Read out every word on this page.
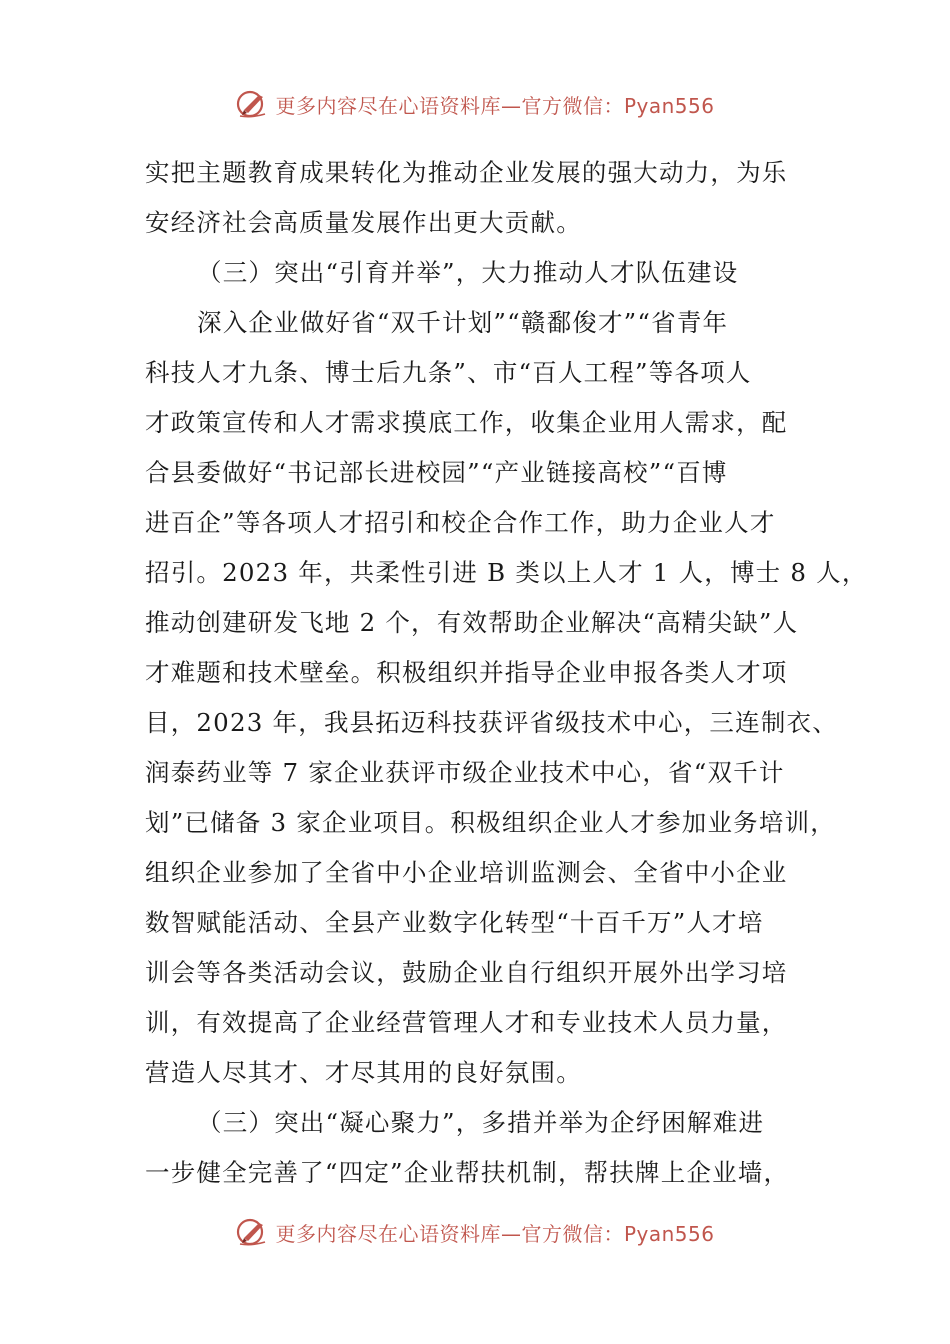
更多内容尽在心语资料库—官方微信：Pyan556
实把主题教育成果转化为推动企业发展的强大动力，为乐
安经济社会高质量发展作出更大贡献。
（三）突出“引育并举”，大力推动人才队伍建设
深入企业做好省“双千计划”“赣鄱俊才”“省青年
科技人才九条、博士后九条”、市“百人工程”等各项人
才政策宣传和人才需求摸底工作，收集企业用人需求，配
合县委做好“书记部长进校园”“产业链接高校”“百博
进百企”等各项人才招引和校企合作工作，助力企业人才
招引。2023 年，共柔性引进 B 类以上人才 1 人，博士 8 人，
推动创建研发飞地 2 个，有效帮助企业解决“高精尖缺”人
才难题和技术壁垒。积极组织并指导企业申报各类人才项
目，2023 年，我县拓迈科技获评省级技术中心，三连制衣、
润泰药业等 7 家企业获评市级企业技术中心，省“双千计
划”已储备 3 家企业项目。积极组织企业人才参加业务培训，
组织企业参加了全省中小企业培训监测会、全省中小企业
数智赋能活动、全县产业数字化转型“十百千万”人才培
训会等各类活动会议，鼓励企业自行组织开展外出学习培
训，有效提高了企业经营管理人才和专业技术人员力量，
营造人尽其才、才尽其用的良好氛围。
（三）突出“凝心聚力”，多措并举为企纾困解难进
一步健全完善了“四定”企业帮扶机制，帮扶牌上企业墙，
更多内容尽在心语资料库—官方微信：Pyan556
